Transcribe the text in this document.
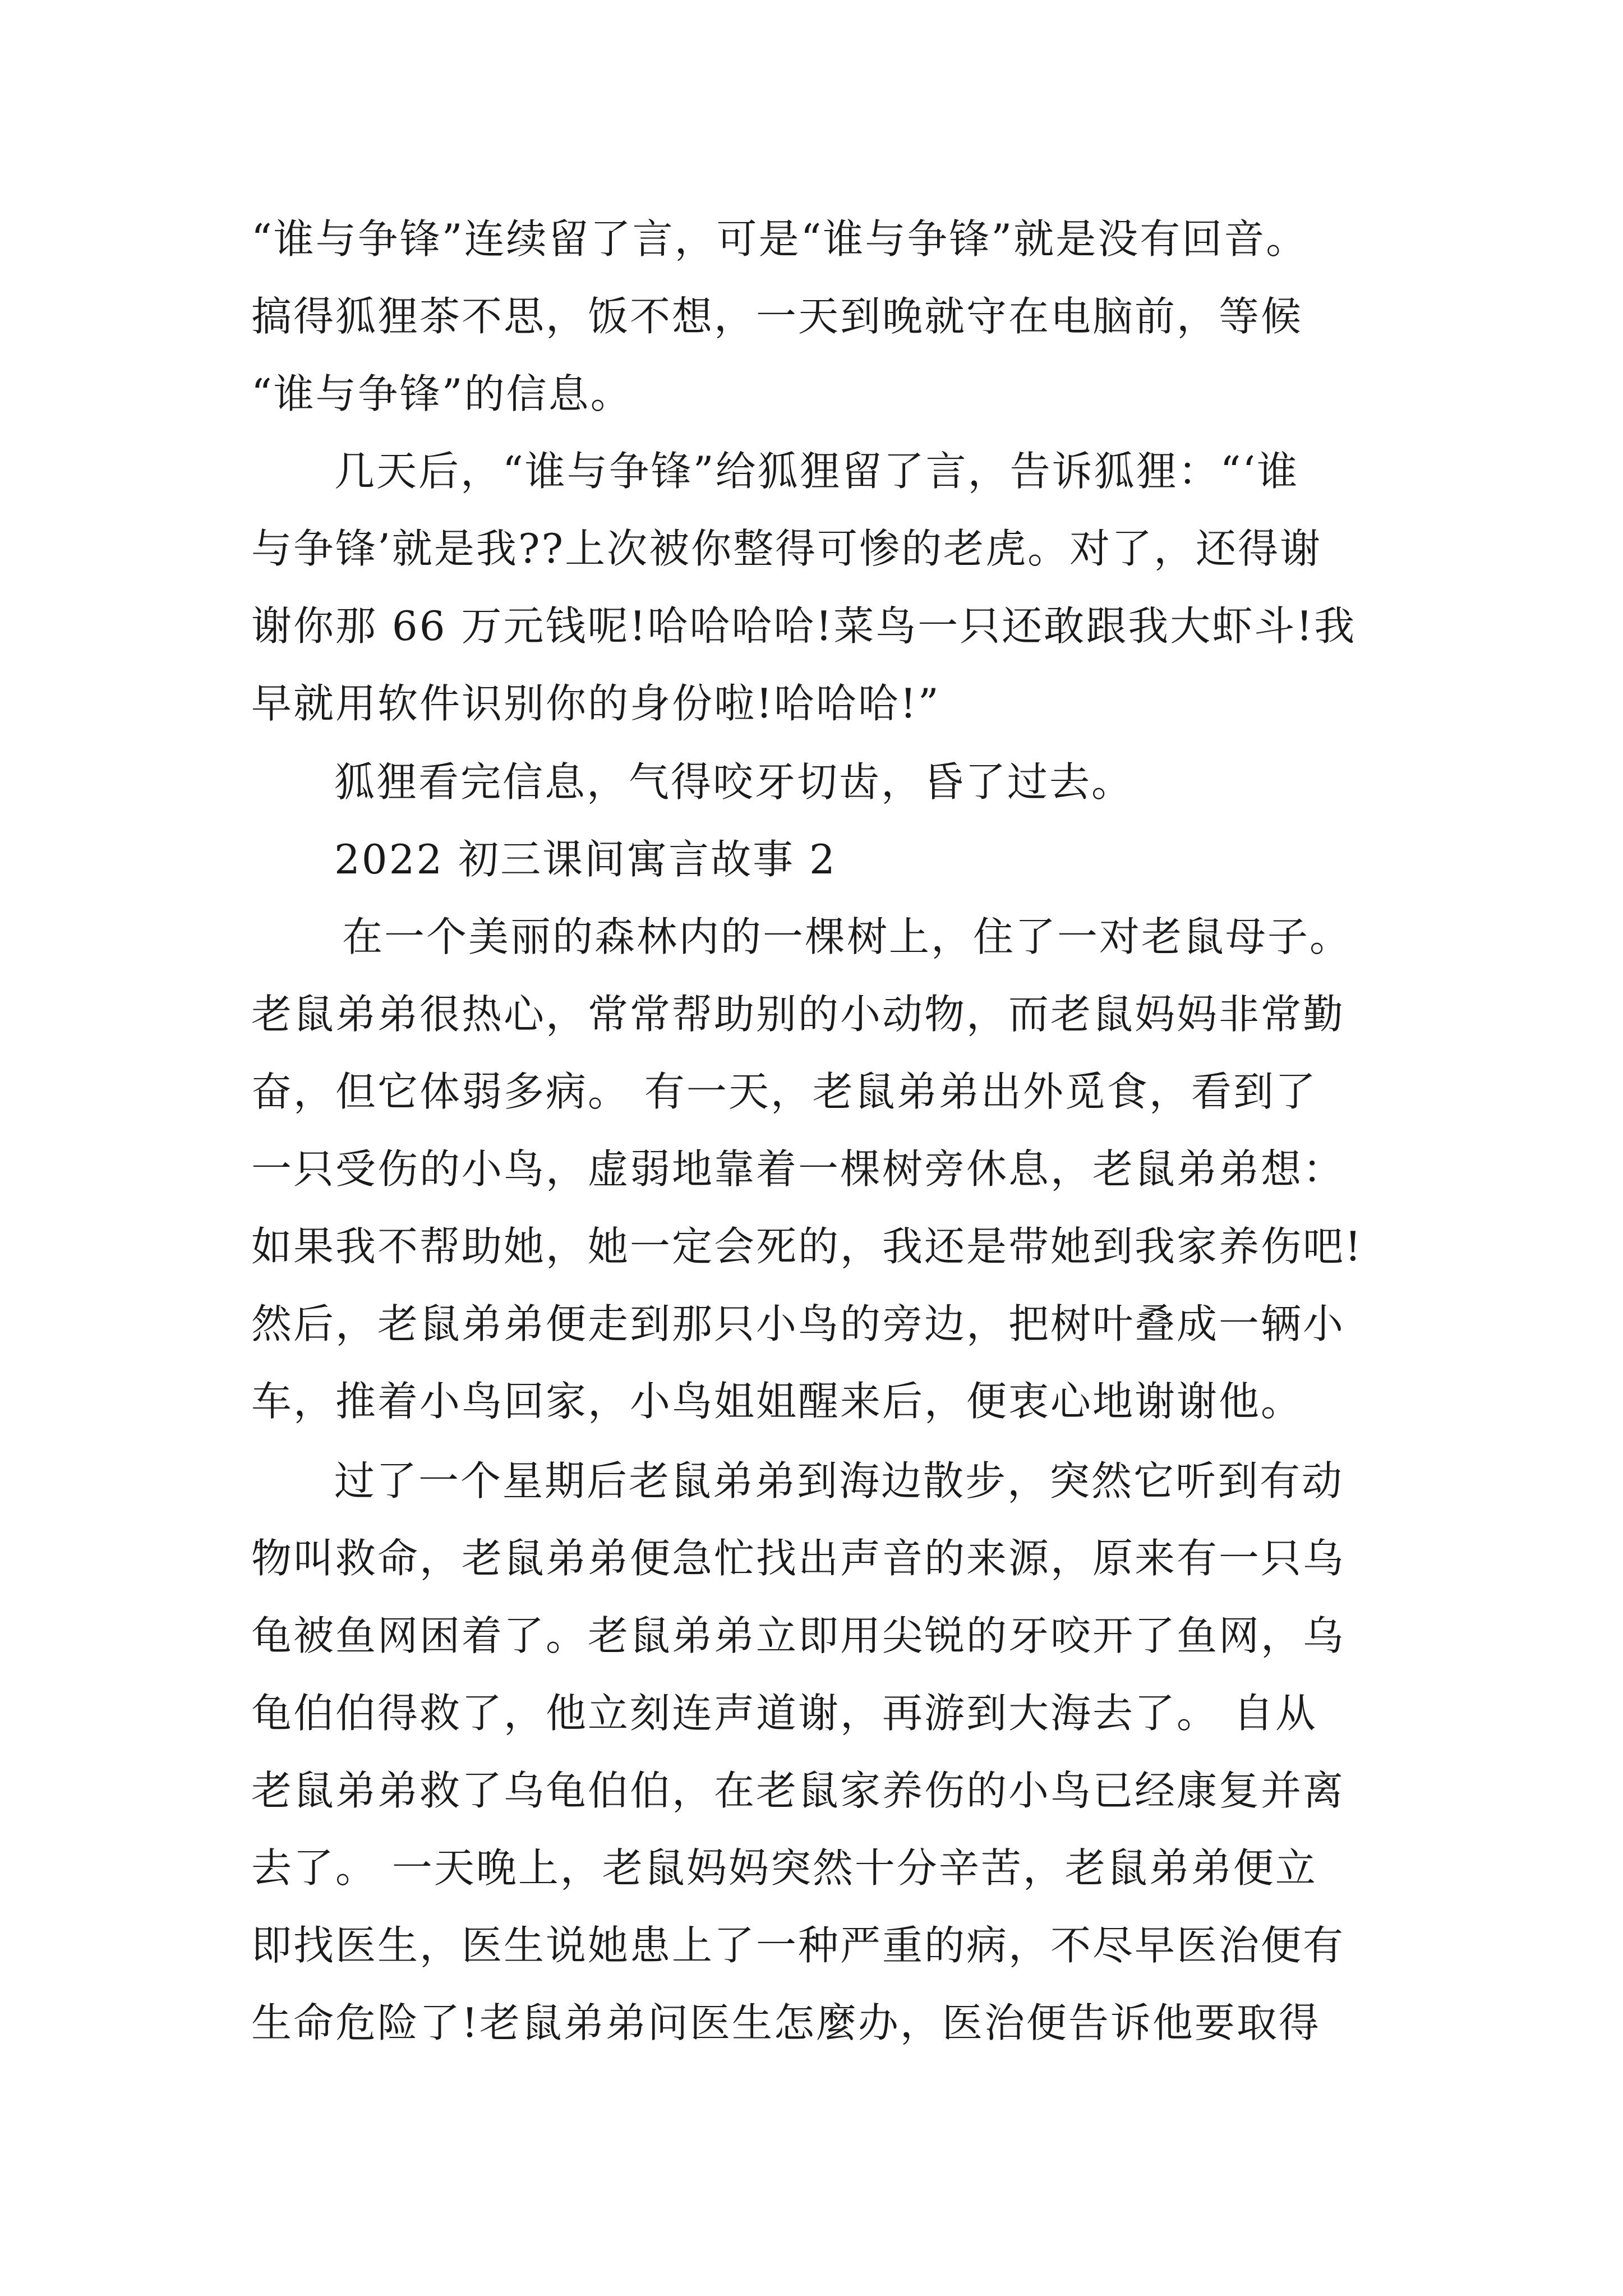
“谁与争锋”连续留了言，可是“谁与争锋”就是没有回音。
搞得狐狸茶不思，饭不想，一天到晚就守在电脑前，等候
“谁与争锋”的信息。
几天后，“谁与争锋”给狐狸留了言，告诉狐狸：“‘谁
与争锋’就是我??上次被你整得可惨的老虎。对了，还得谢
谢你那 66 万元钱呢!哈哈哈哈!菜鸟一只还敢跟我大虾斗!我
早就用软件识别你的身份啦!哈哈哈!”
狐狸看完信息，气得咬牙切齿，昏了过去。
2022 初三课间寓言故事 2
在一个美丽的森林内的一棵树上，住了一对老鼠母子。
老鼠弟弟很热心，常常帮助别的小动物，而老鼠妈妈非常勤
奋，但它体弱多病。 有一天，老鼠弟弟出外觅食，看到了
一只受伤的小鸟，虚弱地靠着一棵树旁休息，老鼠弟弟想：
如果我不帮助她，她一定会死的，我还是带她到我家养伤吧!
然后，老鼠弟弟便走到那只小鸟的旁边，把树叶叠成一辆小
车，推着小鸟回家，小鸟姐姐醒来后，便衷心地谢谢他。
过了一个星期后老鼠弟弟到海边散步，突然它听到有动
物叫救命，老鼠弟弟便急忙找出声音的来源，原来有一只乌
龟被鱼网困着了。老鼠弟弟立即用尖锐的牙咬开了鱼网，乌
龟伯伯得救了，他立刻连声道谢，再游到大海去了。 自从
老鼠弟弟救了乌龟伯伯，在老鼠家养伤的小鸟已经康复并离
去了。 一天晚上，老鼠妈妈突然十分辛苦，老鼠弟弟便立
即找医生，医生说她患上了一种严重的病，不尽早医治便有
生命危险了!老鼠弟弟问医生怎麼办，医治便告诉他要取得
